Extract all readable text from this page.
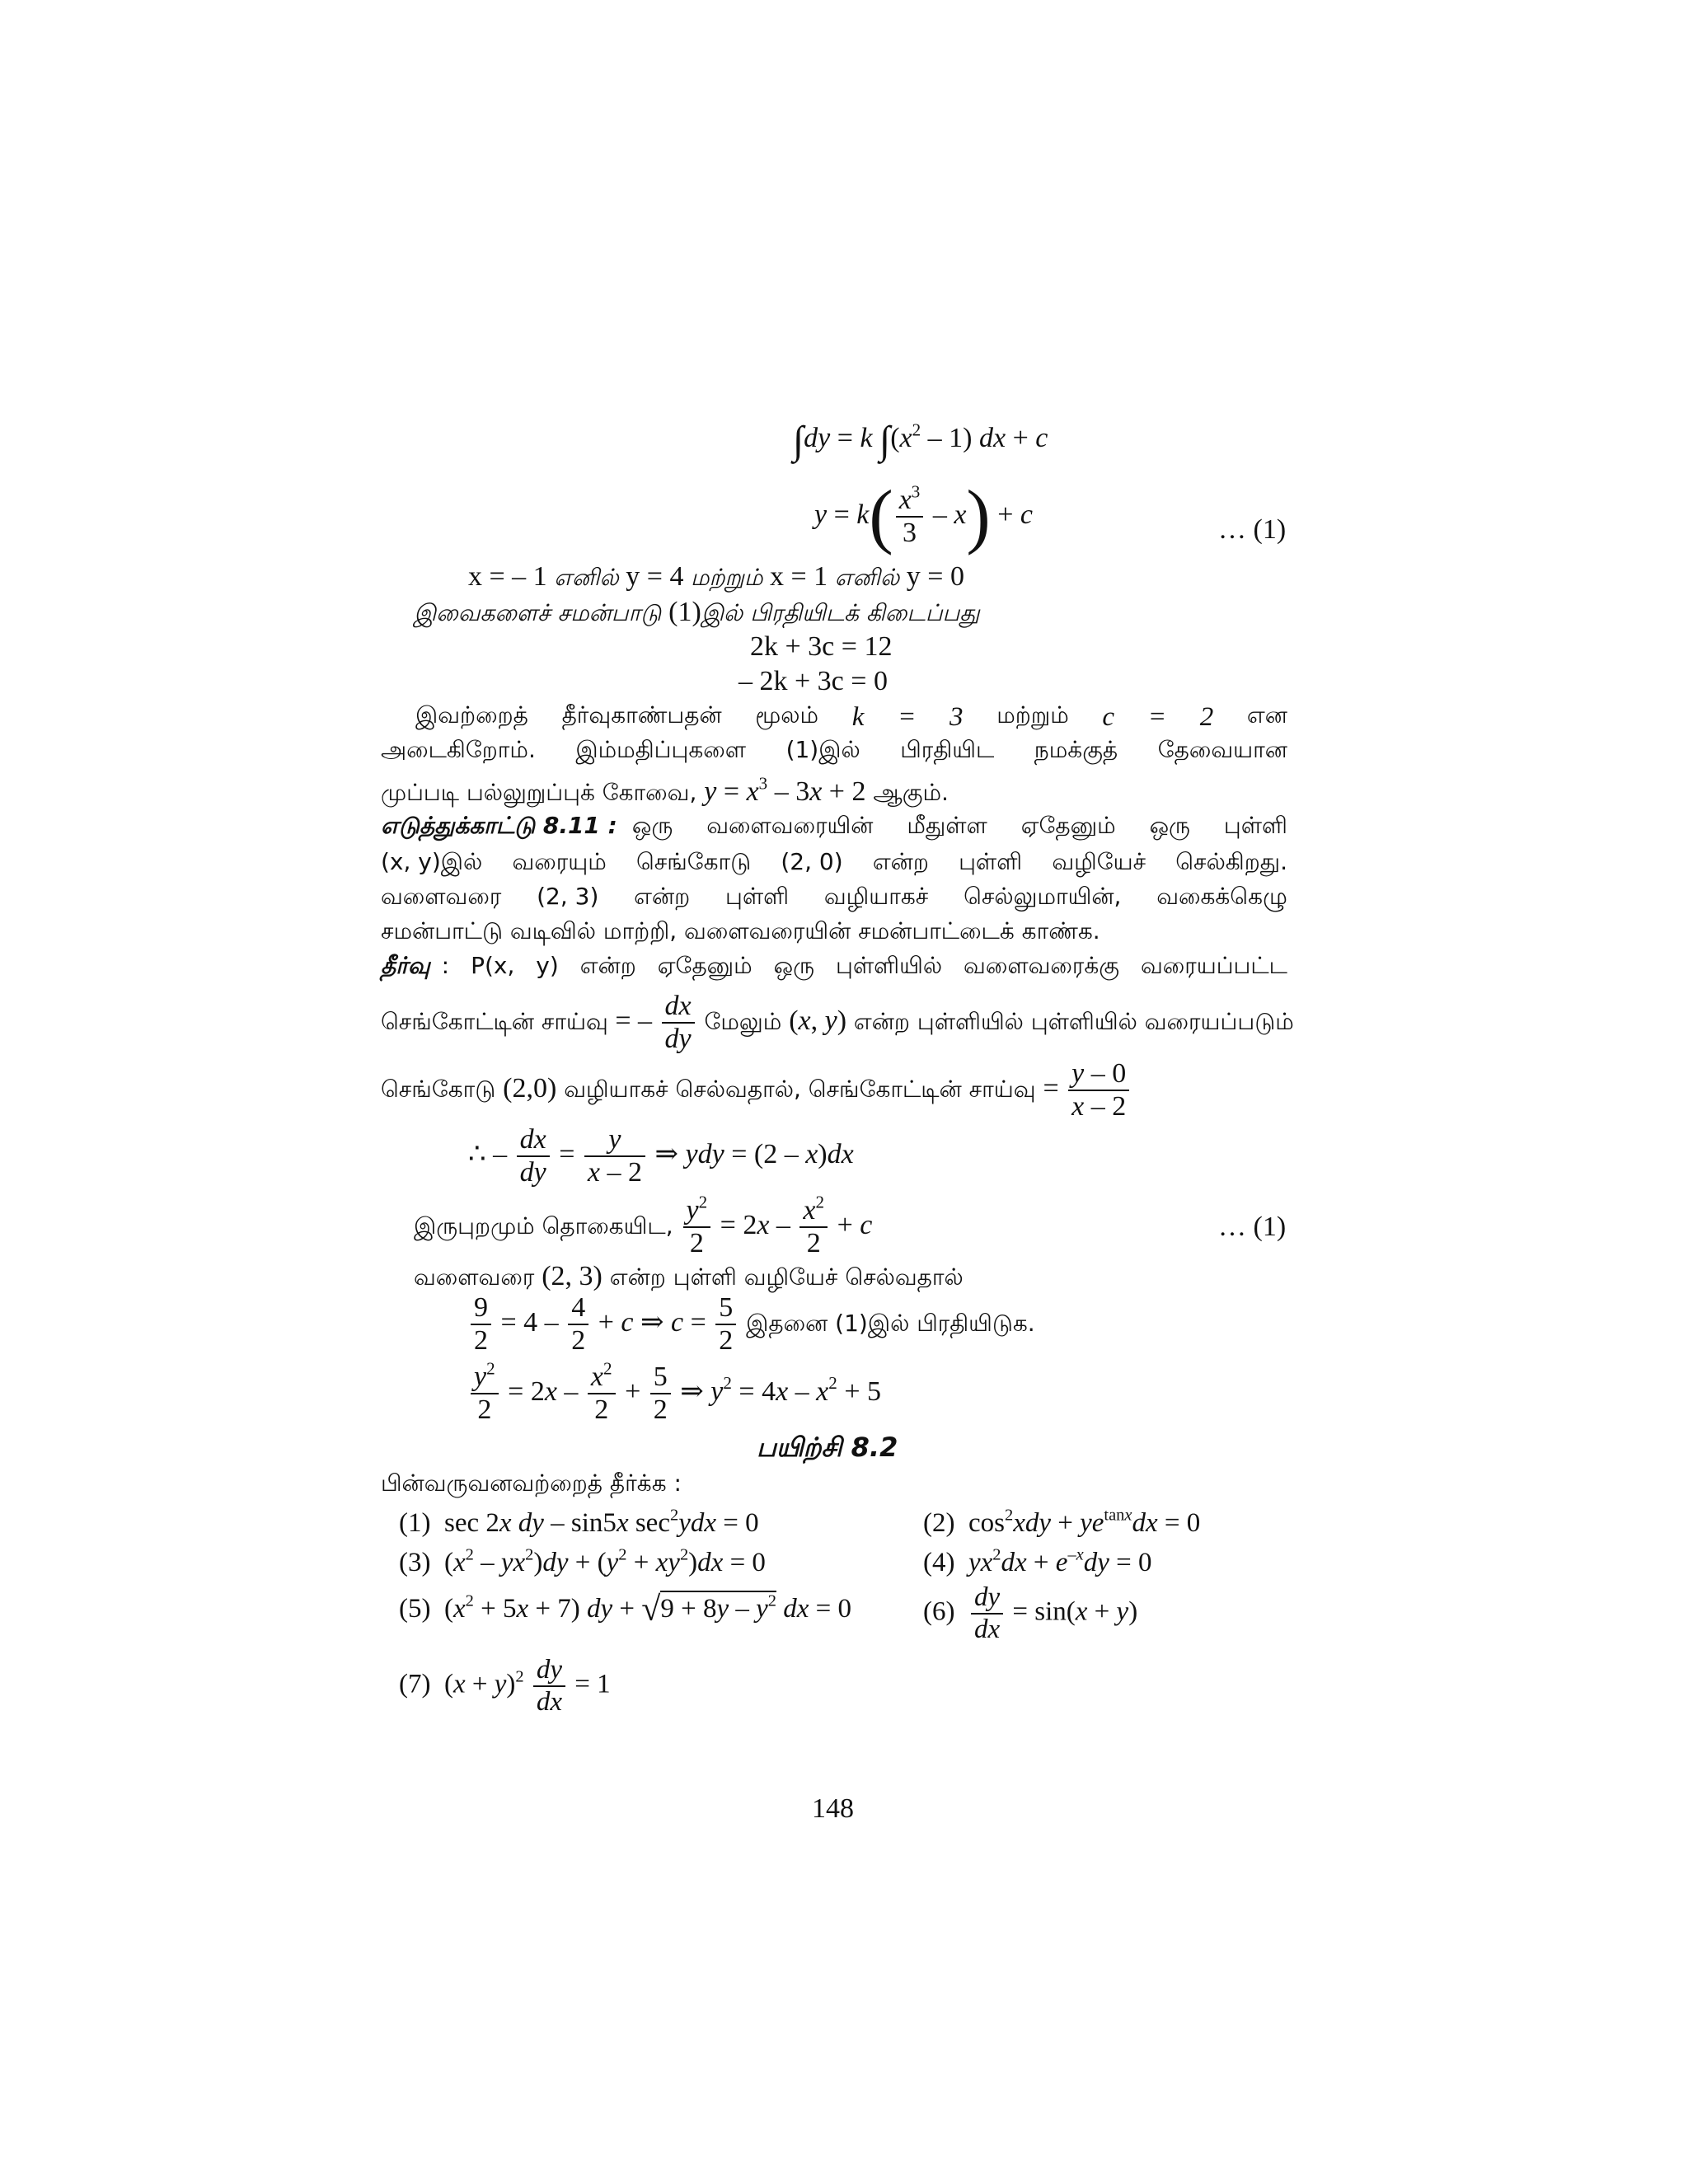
∫dy = k $\int(x^2 - 1)$ dx + c
$y = k( \frac{x^3}{3} - x) + c$	… (1)
x = – 1 எனில் y = 4 மற்றும் x = 1 எனில் y = 0
இவைகளைச் சமன்பாடு (1)இல் பிரதியிடக் கிடைப்பது
2k + 3c = 12
– 2k + 3c = 0
இவற்றைத் தீர்வுகாண்பதன் மூலம் k = 3 மற்றும் c = 2 என
அடைகிறோம். இம்மதிப்புகளை (1)இல் பிரதியிட நமக்குத் தேவையான
முப்படி பல்லுறுப்புக் கோவை, $y = x^3 - 3x + 2$ ஆகும்.
எடுத்துக்காட்டு 8.11 : ஒரு வளைவரையின் மீதுள்ள ஏதேனும் ஒரு புள்ளி
(x, y)இல் வரையும் செங்கோடு (2, 0) என்ற புள்ளி வழியேச் செல்கிறது.
வளைவரை (2, 3) என்ற புள்ளி வழியாகச் செல்லுமாயின், வகைக்கெழு
சமன்பாட்டு வடிவில் மாற்றி, வளைவரையின் சமன்பாட்டைக் காண்க.
தீர்வு : P(x, y) என்ற ஏதேனும் ஒரு புள்ளியில் வளைவரைக்கு வரையப்பட்ட
செங்கோட்டின் சாய்வு = – $\frac{dx}{dy}$ மேலும் (x, y) என்ற புள்ளியில் புள்ளியில் வரையப்படும்
செங்கோடு (2,0) வழியாகச் செல்வதால், செங்கோட்டின் சாய்வு = $\frac{y - 0}{x - 2}$
∴ – $\frac{dx}{dy} = \frac{y}{x - 2}$ ⇒ ydy = (2 – x)dx
இருபுறமும் தொகையிட, $\frac{y^2}{2} = 2x - \frac{x^2}{2} + c$	… (1)
வளைவரை (2, 3) என்ற புள்ளி வழியேச் செல்வதால்
$\frac{9}{2} = 4 - \frac{4}{2} + c$ ⇒ $c = \frac{5}{2}$ இதனை (1)இல் பிரதியிடுக.
$\frac{y^2}{2} = 2x - \frac{x^2}{2} + \frac{5}{2}$ ⇒ $y^2 = 4x - x^2 + 5$
பயிற்சி 8.2
பின்வருவனவற்றைத் தீர்க்க :
(1)  sec 2x dy – sin5x $\sec^2ydx = 0$	(2)  $\cos^2xdy + ye^{tanx}dx = 0$
(3)  $(x^2 - yx^2)dy + (y^2 + xy^2)dx = 0$	(4) $yx^2dx + e^{-x}dy = 0$
(5)  $(x^2 + 5x + 7)$ dy + $√9 + 8y - y^2$ dx = 0	$(6) \frac{dy}{dx} = \sin(x + y)$
(7)  $(x + y)^2 \frac{dy}{dx} = 1$
148
